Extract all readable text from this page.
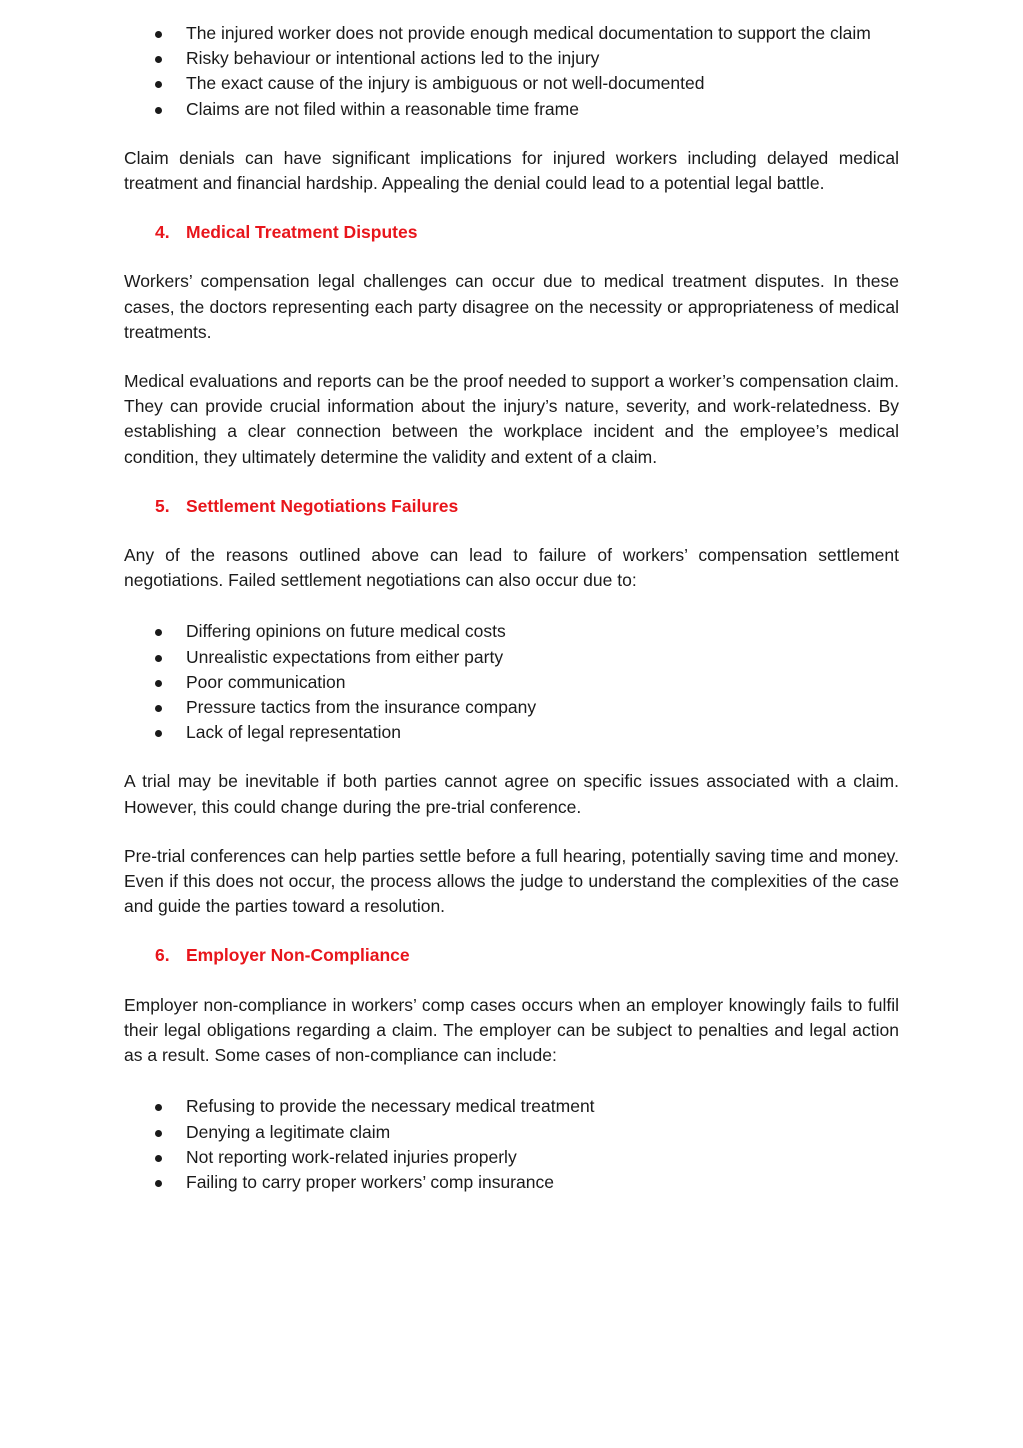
The injured worker does not provide enough medical documentation to support the claim
Risky behaviour or intentional actions led to the injury
The exact cause of the injury is ambiguous or not well-documented
Claims are not filed within a reasonable time frame

Claim denials can have significant implications for injured workers including delayed medical treatment and financial hardship. Appealing the denial could lead to a potential legal battle.

4. Medical Treatment Disputes

Workers’ compensation legal challenges can occur due to medical treatment disputes. In these cases, the doctors representing each party disagree on the necessity or appropriateness of medical treatments.

Medical evaluations and reports can be the proof needed to support a worker’s compensation claim. They can provide crucial information about the injury’s nature, severity, and work-relatedness. By establishing a clear connection between the workplace incident and the employee’s medical condition, they ultimately determine the validity and extent of a claim.

5. Settlement Negotiations Failures

Any of the reasons outlined above can lead to failure of workers’ compensation settlement negotiations. Failed settlement negotiations can also occur due to:

Differing opinions on future medical costs
Unrealistic expectations from either party
Poor communication
Pressure tactics from the insurance company
Lack of legal representation

A trial may be inevitable if both parties cannot agree on specific issues associated with a claim. However, this could change during the pre-trial conference.

Pre-trial conferences can help parties settle before a full hearing, potentially saving time and money. Even if this does not occur, the process allows the judge to understand the complexities of the case and guide the parties toward a resolution.

6. Employer Non-Compliance

Employer non-compliance in workers’ comp cases occurs when an employer knowingly fails to fulfil their legal obligations regarding a claim. The employer can be subject to penalties and legal action as a result. Some cases of non-compliance can include:

Refusing to provide the necessary medical treatment
Denying a legitimate claim
Not reporting work-related injuries properly
Failing to carry proper workers’ comp insurance
